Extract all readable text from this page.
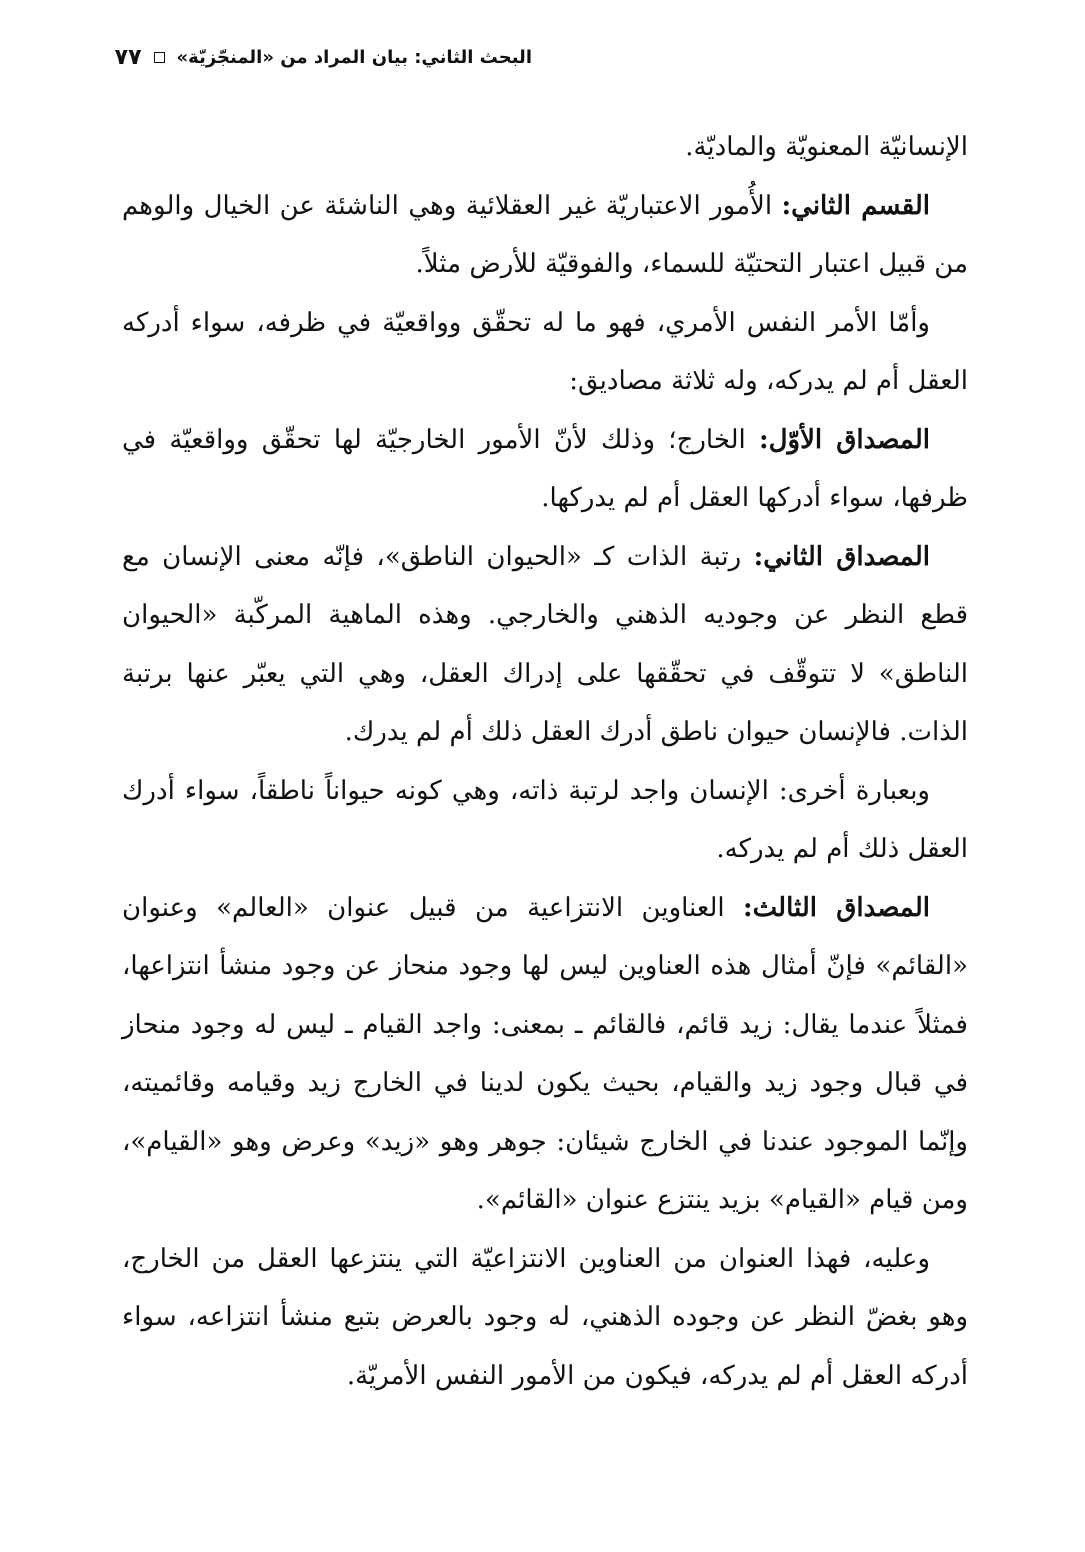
البحث الثاني: بيان المراد من «المنجّزيّة»
٧٧

الإنسانيّة المعنويّة والماديّة.

القسم الثاني: الأُمور الاعتباريّة غير العقلائية وهي الناشئة عن الخيال والوهم من قبيل اعتبار التحتيّة للسماء، والفوقيّة للأرض مثلاً.

وأمّا الأمر النفس الأمري، فهو ما له تحقّق وواقعيّة في ظرفه، سواء أدركه العقل أم لم يدركه، وله ثلاثة مصاديق:

المصداق الأوّل: الخارج؛ وذلك لأنّ الأمور الخارجيّة لها تحقّق وواقعيّة في ظرفها، سواء أدركها العقل أم لم يدركها.

المصداق الثاني: رتبة الذات كـ «الحيوان الناطق»، فإنّه معنى الإنسان مع قطع النظر عن وجوديه الذهني والخارجي. وهذه الماهية المركّبة «الحيوان الناطق» لا تتوقّف في تحقّقها على إدراك العقل، وهي التي يعبّر عنها برتبة الذات. فالإنسان حيوان ناطق أدرك العقل ذلك أم لم يدرك.

وبعبارة أخرى: الإنسان واجد لرتبة ذاته، وهي كونه حيواناً ناطقاً، سواء أدرك العقل ذلك أم لم يدركه.

المصداق الثالث: العناوين الانتزاعية من قبيل عنوان «العالم» وعنوان «القائم» فإنّ أمثال هذه العناوين ليس لها وجود منحاز عن وجود منشأ انتزاعها، فمثلاً عندما يقال: زيد قائم، فالقائم ـ بمعنى: واجد القيام ـ ليس له وجود منحاز في قبال وجود زيد والقيام، بحيث يكون لدينا في الخارج زيد وقيامه وقائميته، وإنّما الموجود عندنا في الخارج شيئان: جوهر وهو «زيد» وعرض وهو «القيام»، ومن قيام «القيام» بزيد ينتزع عنوان «القائم».

وعليه، فهذا العنوان من العناوين الانتزاعيّة التي ينتزعها العقل من الخارج، وهو بغضّ النظر عن وجوده الذهني، له وجود بالعرض بتبع منشأ انتزاعه، سواء أدركه العقل أم لم يدركه، فيكون من الأمور النفس الأمريّة.
